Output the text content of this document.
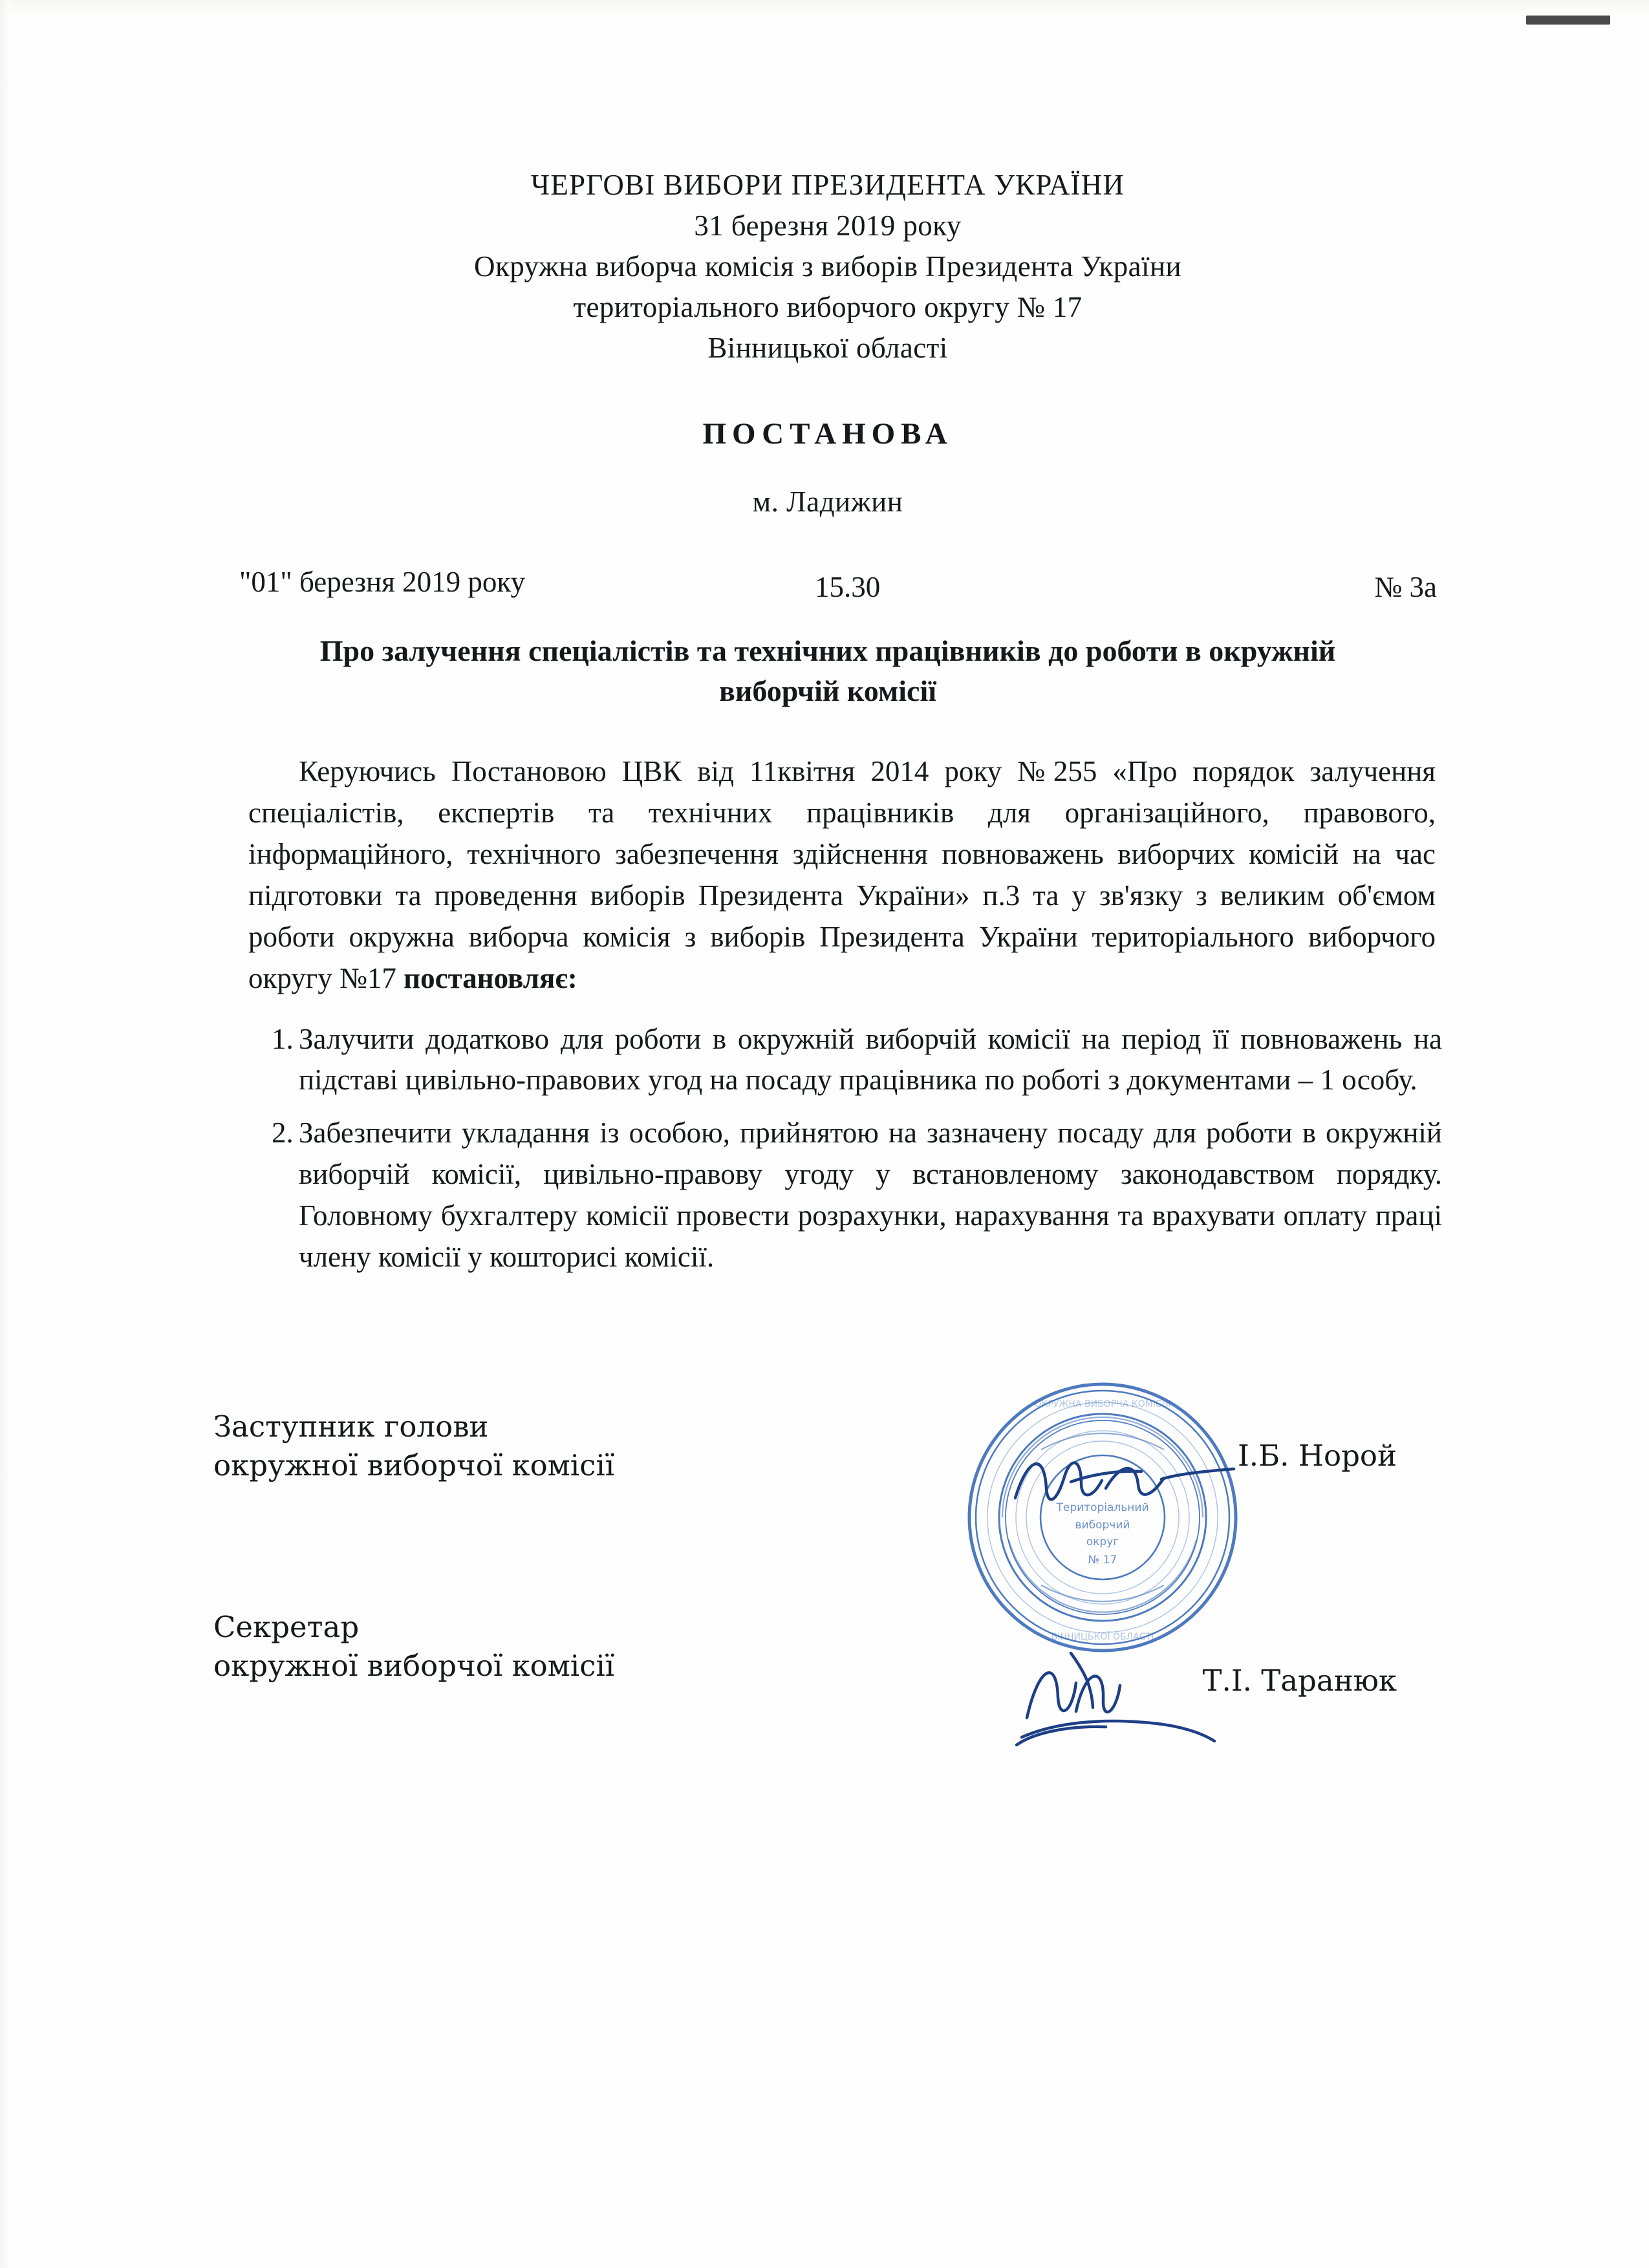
ЧЕРГОВІ ВИБОРИ ПРЕЗИДЕНТА УКРАЇНИ
31 березня 2019 року
Окружна виборча комісія з виборів Президента України
територіального виборчого округу № 17
Вінницької області
ПОСТАНОВА
м. Ладижин
"01" березня 2019 року	15.30	№ 3а
Про залучення спеціалістів та технічних працівників до роботи в окружній виборчій комісії
Керуючись Постановою ЦВК від 11квітня 2014 року №255 «Про порядок залучення спеціалістів, експертів та технічних працівників для організаційного, правового, інформаційного, технічного забезпечення здійснення повноважень виборчих комісій на час підготовки та проведення виборів Президента України» п.3 та у зв'язку з великим об'ємом роботи окружна виборча комісія з виборів Президента України територіального виборчого округу №17 постановляє:
1. Залучити додатково для роботи в окружній виборчій комісії на період її повноважень на підставі цивільно-правових угод на посаду працівника по роботі з документами – 1 особу.
2. Забезпечити укладання із особою, прийнятою на зазначену посаду для роботи в окружній виборчій комісії, цивільно-правову угоду у встановленому законодавством порядку. Головному бухгалтеру комісії провести розрахунки, нарахування та врахувати оплату праці члену комісії у кошторисі комісії.
Заступник голови
окружної виборчої комісії	І.Б. Норой
Секретар
окружної виборчої комісії	Т.І. Таранюк
Територіальний
виборчий
округ
№ 17
ОКРУЖНА ВИБОРЧА КОМІСІЯ
ВІННИЦЬКОЇ ОБЛАСТІ
